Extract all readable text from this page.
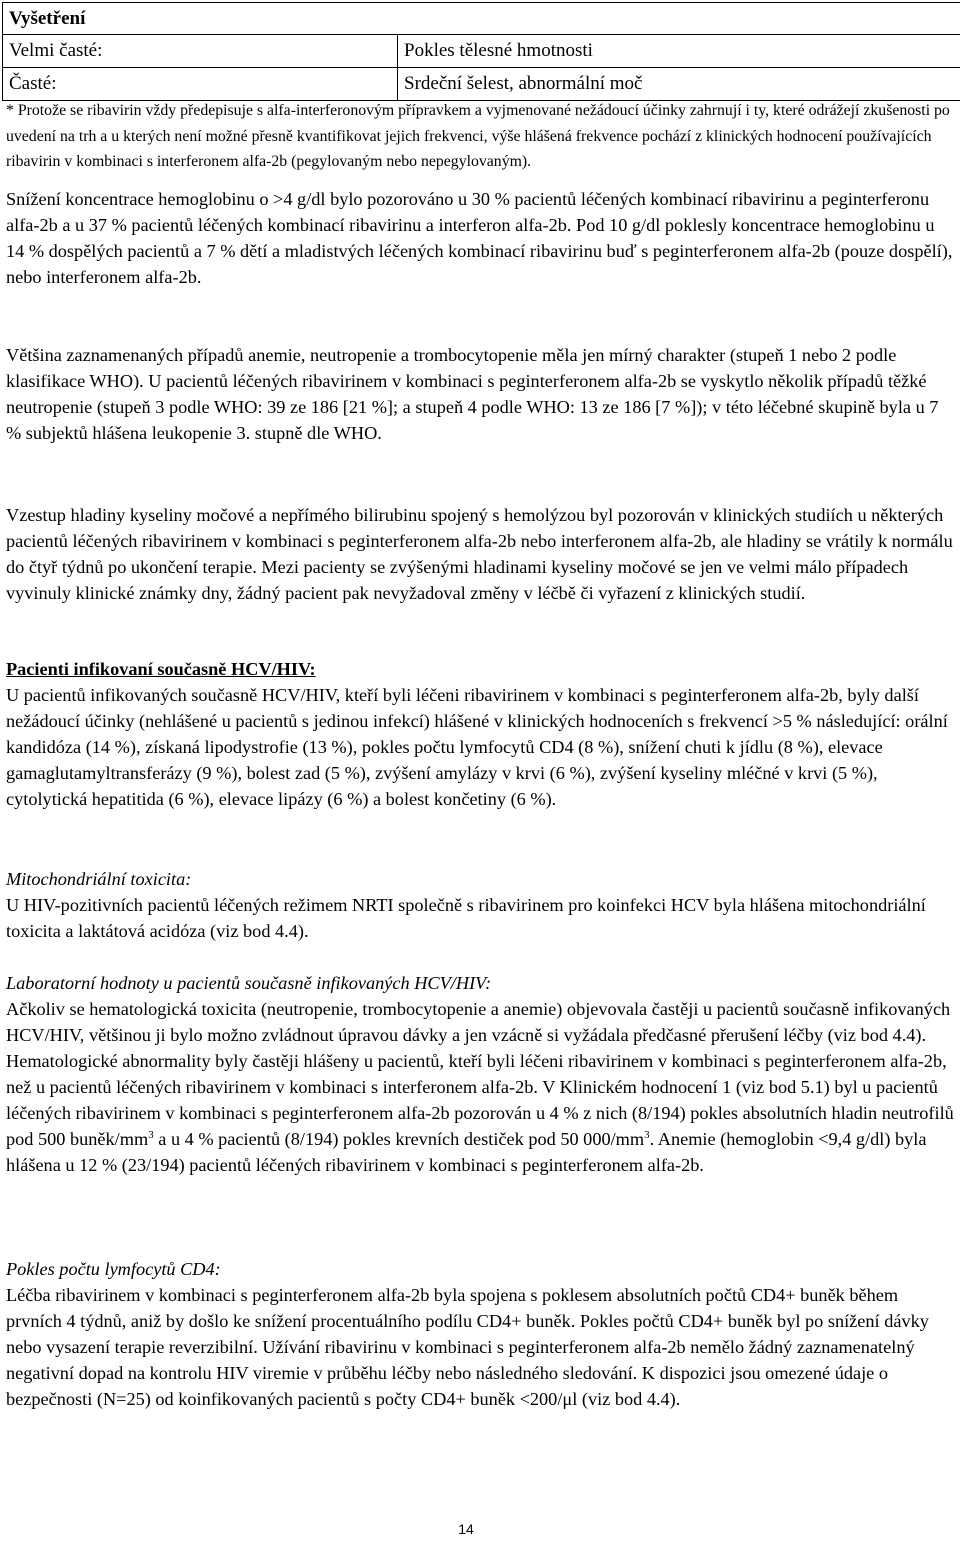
Vyšetření	
Velmi časté:	Pokles tělesné hmotnosti
Časté:	Srdeční šelest, abnormální moč

* Protože se ribavirin vždy předepisuje s alfa-interferonovým přípravkem a vyjmenované nežádoucí účinky zahrnují i ty, které odrážejí zkušenosti po uvedení na trh a u kterých není možné přesně kvantifikovat jejich frekvenci, výše hlášená frekvence pochází z klinických hodnocení používajících ribavirin v kombinaci s interferonem alfa-2b (pegylovaným nebo nepegylovaným).

Snížení koncentrace hemoglobinu o >4 g/dl bylo pozorováno u 30 % pacientů léčených kombinací ribavirinu a peginterferonu alfa-2b a u 37 % pacientů léčených kombinací ribavirinu a interferon alfa-2b. Pod 10 g/dl poklesly koncentrace hemoglobinu u 14 % dospělých pacientů a 7 % dětí a mladistvých léčených kombinací ribavirinu buď s peginterferonem alfa-2b (pouze dospělí), nebo interferonem alfa-2b.

Většina zaznamenaných případů anemie, neutropenie a trombocytopenie měla jen mírný charakter (stupeň 1 nebo 2 podle klasifikace WHO). U pacientů léčených ribavirinem v kombinaci s peginterferonem alfa-2b se vyskytlo několik případů těžké neutropenie (stupeň 3 podle WHO: 39 ze 186 [21 %]; a stupeň 4 podle WHO: 13 ze 186 [7 %]); v této léčebné skupině byla u 7 % subjektů hlášena leukopenie 3. stupně dle WHO.

Vzestup hladiny kyseliny močové a nepřímého bilirubinu spojený s hemolýzou byl pozorován v klinických studiích u některých pacientů léčených ribavirinem v kombinaci s peginterferonem alfa-2b nebo interferonem alfa-2b, ale hladiny se vrátily k normálu do čtyř týdnů po ukončení terapie. Mezi pacienty se zvýšenými hladinami kyseliny močové se jen ve velmi málo případech vyvinuly klinické známky dny, žádný pacient pak nevyžadoval změny v léčbě či vyřazení z klinických studií.

Pacienti infikovaní současně HCV/HIV:
U pacientů infikovaných současně HCV/HIV, kteří byli léčeni ribavirinem v kombinaci s peginterferonem alfa-2b, byly další nežádoucí účinky (nehlášené u pacientů s jedinou infekcí) hlášené v klinických hodnoceních s frekvencí >5 % následující: orální kandidóza (14 %), získaná lipodystrofie (13 %), pokles počtu lymfocytů CD4 (8 %), snížení chuti k jídlu (8 %), elevace gamaglutamyltransferázy (9 %), bolest zad (5 %), zvýšení amylázy v krvi (6 %), zvýšení kyseliny mléčné v krvi (5 %), cytolytická hepatitida (6 %), elevace lipázy (6 %) a bolest končetiny (6 %).
Mitochondriální toxicita:
U HIV-pozitivních pacientů léčených režimem NRTI společně s ribavirinem pro koinfekci HCV byla hlášena mitochondriální toxicita a laktátová acidóza (viz bod 4.4).
Laboratorní hodnoty u pacientů současně infikovaných HCV/HIV:
Ačkoliv se hematologická toxicita (neutropenie, trombocytopenie a anemie) objevovala častěji u pacientů současně infikovaných HCV/HIV, většinou ji bylo možno zvládnout úpravou dávky a jen vzácně si vyžádala předčasné přerušení léčby (viz bod 4.4). Hematologické abnormality byly častěji hlášeny u pacientů, kteří byli léčeni ribavirinem v kombinaci s peginterferonem alfa-2b, než u pacientů léčených ribavirinem v kombinaci s interferonem alfa-2b. V Klinickém hodnocení 1 (viz bod 5.1) byl u pacientů léčených ribavirinem v kombinaci s peginterferonem alfa-2b pozorován u 4 % z nich (8/194) pokles absolutních hladin neutrofilů pod 500 buněk/$mm^3$ a u 4 % pacientů (8/194) pokles krevních destiček pod 50 $000/mm^3$. Anemie (hemoglobin <9,4 g/dl) byla hlášena u 12 % (23/194) pacientů léčených ribavirinem v kombinaci s peginterferonem alfa-2b.
Pokles počtu lymfocytů CD4:
Léčba ribavirinem v kombinaci s peginterferonem alfa-2b byla spojena s poklesem absolutních počtů CD4+ buněk během prvních 4 týdnů, aniž by došlo ke snížení procentuálního podílu CD4+ buněk. Pokles počtů CD4+ buněk byl po snížení dávky nebo vysazení terapie reverzibilní. Užívání ribavirinu v kombinaci s peginterferonem alfa-2b nemělo žádný zaznamenatelný negativní dopad na kontrolu HIV viremie v průběhu léčby nebo následného sledování. K dispozici jsou omezené údaje o bezpečnosti (N=25) od koinfikovaných pacientů s počty CD4+ buněk <200/μl (viz bod 4.4).
14
